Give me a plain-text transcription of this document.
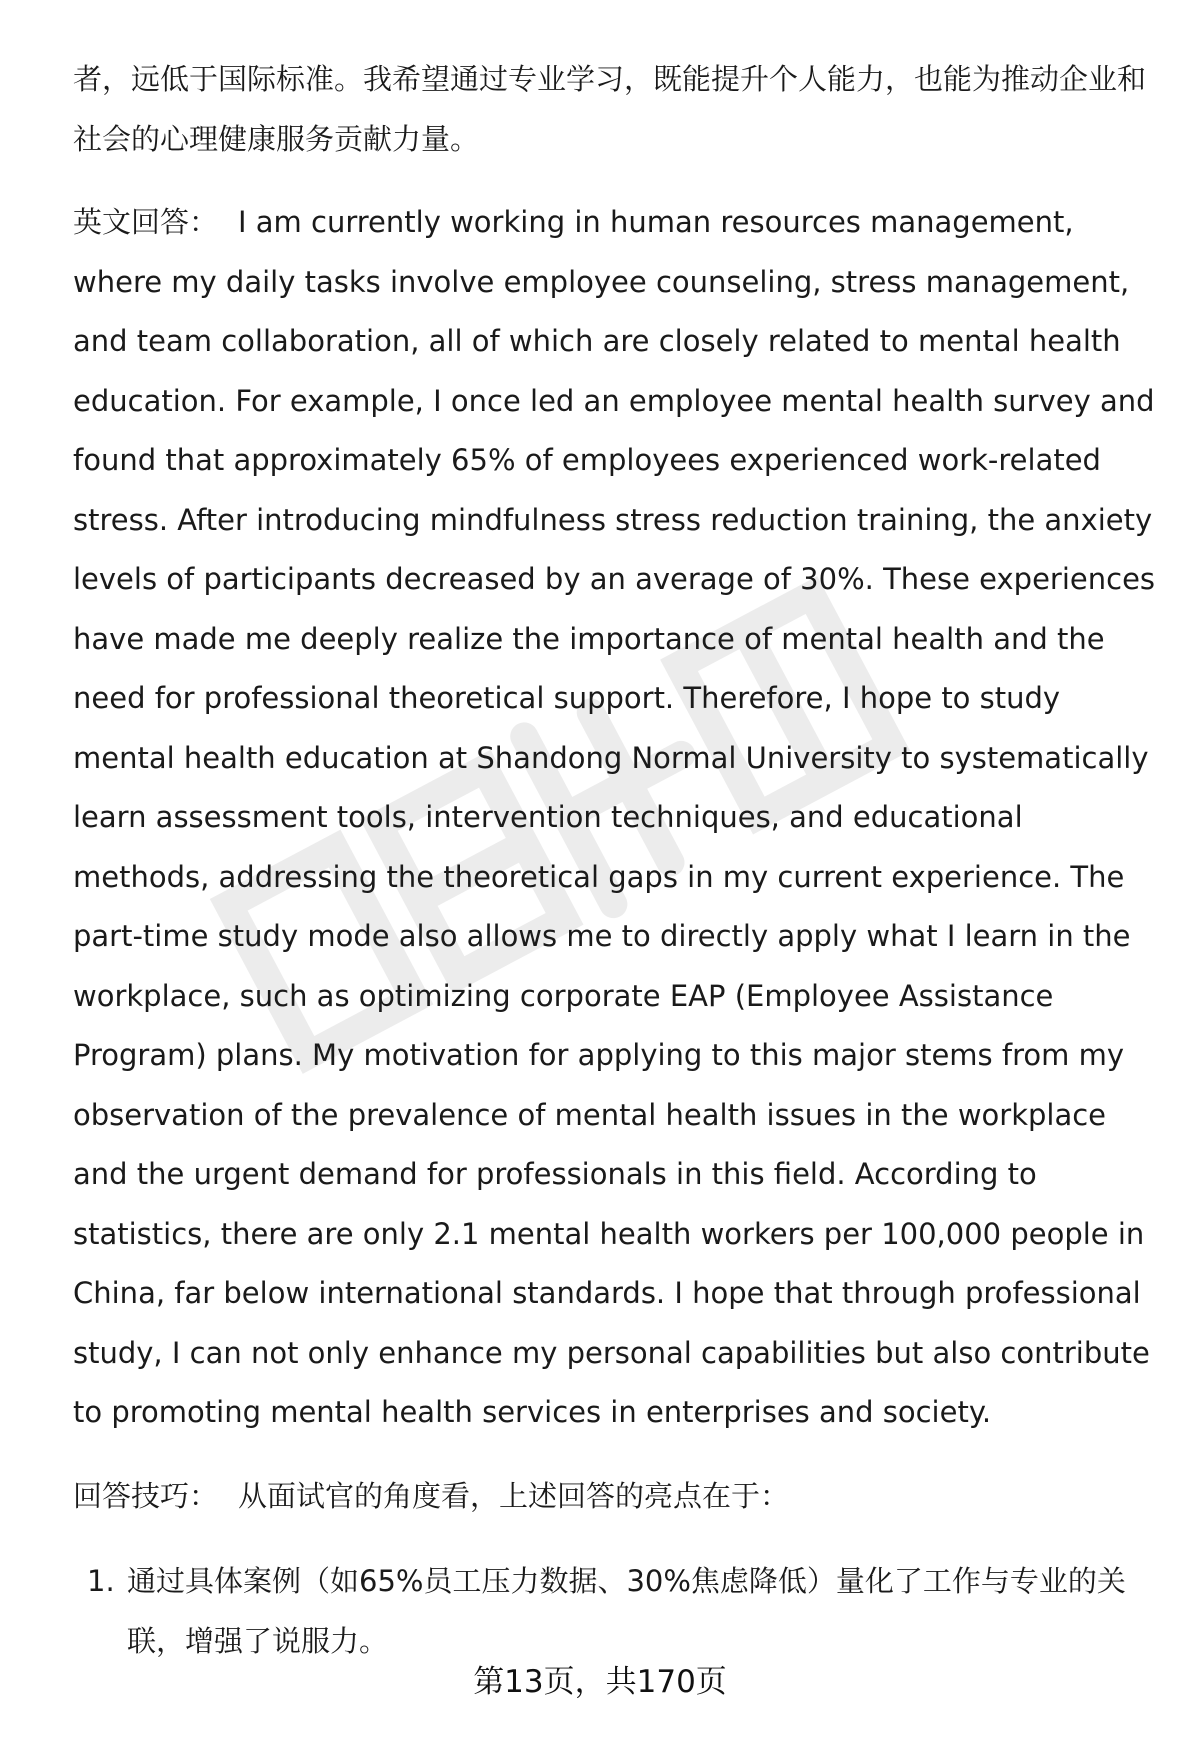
者，远低于国际标准。我希望通过专业学习，既能提升个人能力，也能为推动企业和社会的心理健康服务贡献力量。

英文回答： I am currently working in human resources management, where my daily tasks involve employee counseling, stress management, and team collaboration, all of which are closely related to mental health education. For example, I once led an employee mental health survey and found that approximately 65% of employees experienced work-related stress. After introducing mindfulness stress reduction training, the anxiety levels of participants decreased by an average of 30%. These experiences have made me deeply realize the importance of mental health and the need for professional theoretical support. Therefore, I hope to study mental health education at Shandong Normal University to systematically learn assessment tools, intervention techniques, and educational methods, addressing the theoretical gaps in my current experience. The part-time study mode also allows me to directly apply what I learn in the workplace, such as optimizing corporate EAP (Employee Assistance Program) plans. My motivation for applying to this major stems from my observation of the prevalence of mental health issues in the workplace and the urgent demand for professionals in this field. According to statistics, there are only 2.1 mental health workers per 100,000 people in China, far below international standards. I hope that through professional study, I can not only enhance my personal capabilities but also contribute to promoting mental health services in enterprises and society.

回答技巧： 从面试官的角度看，上述回答的亮点在于：

1. 通过具体案例（如65%员工压力数据、30%焦虑降低）量化了工作与专业的关联，增强了说服力。
第13页，共170页
